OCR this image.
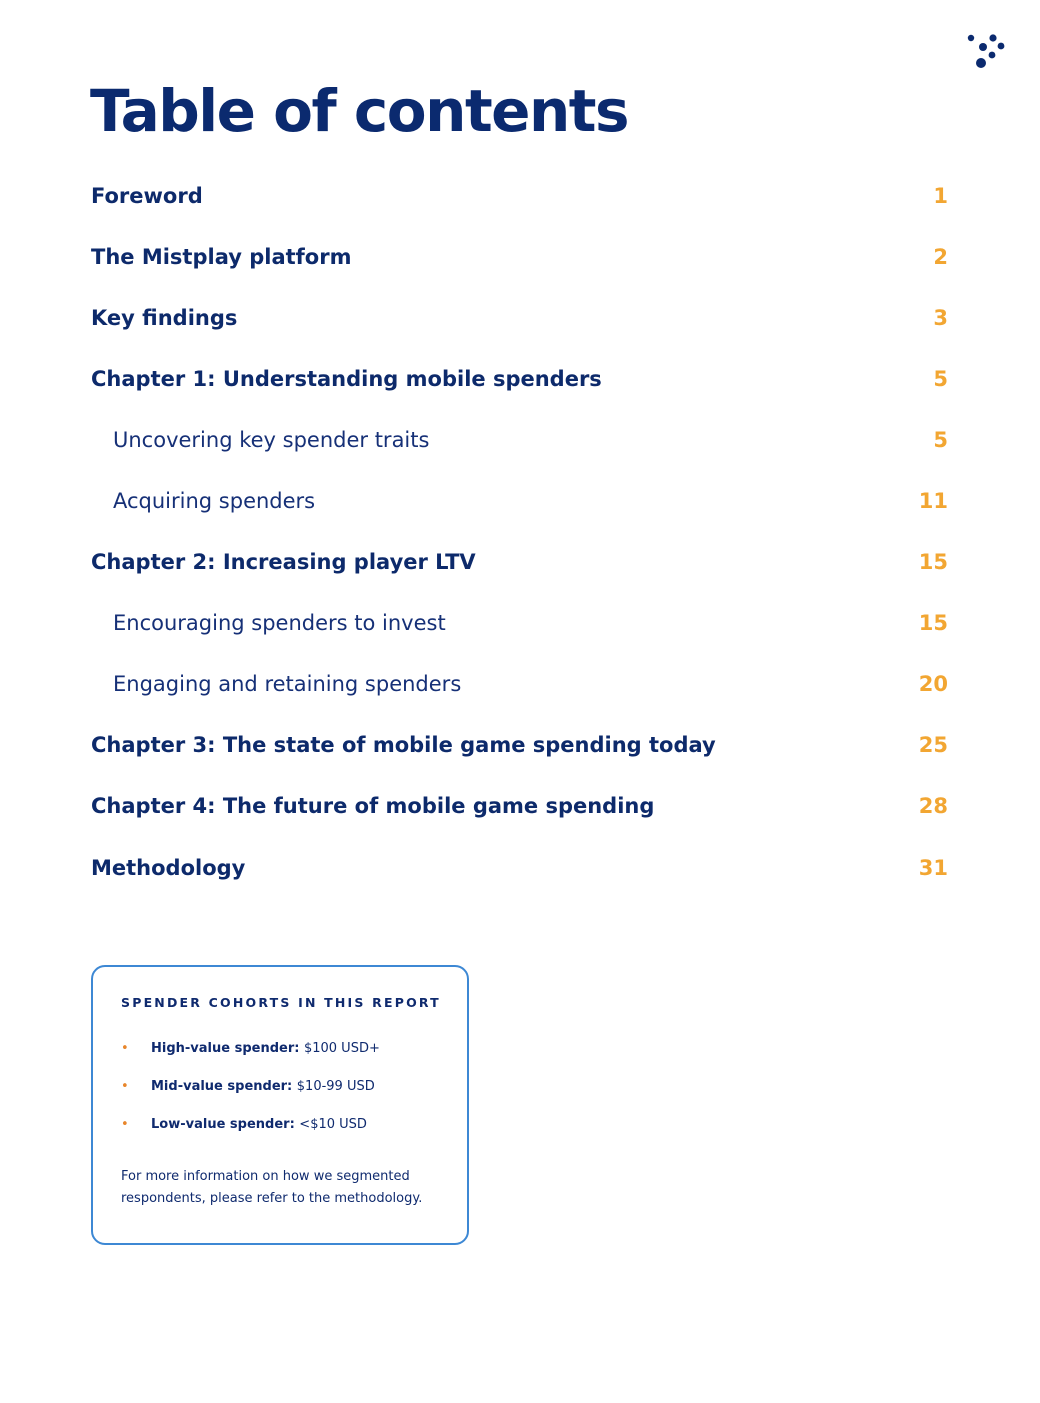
Table of contents
Foreword	1
The Mistplay platform	2
Key findings	3
Chapter 1: Understanding mobile spenders	5
Uncovering key spender traits	5
Acquiring spenders	11
Chapter 2: Increasing player LTV	15
Encouraging spenders to invest	15
Engaging and retaining spenders	20
Chapter 3: The state of mobile game spending today	25
Chapter 4: The future of mobile game spending	28
Methodology	31

SPENDER COHORTS IN THIS REPORT

• High-value spender: $100 USD+
• Mid-value spender: $10-99 USD
• Low-value spender: <$10 USD

For more information on how we segmented respondents, please refer to the methodology.
